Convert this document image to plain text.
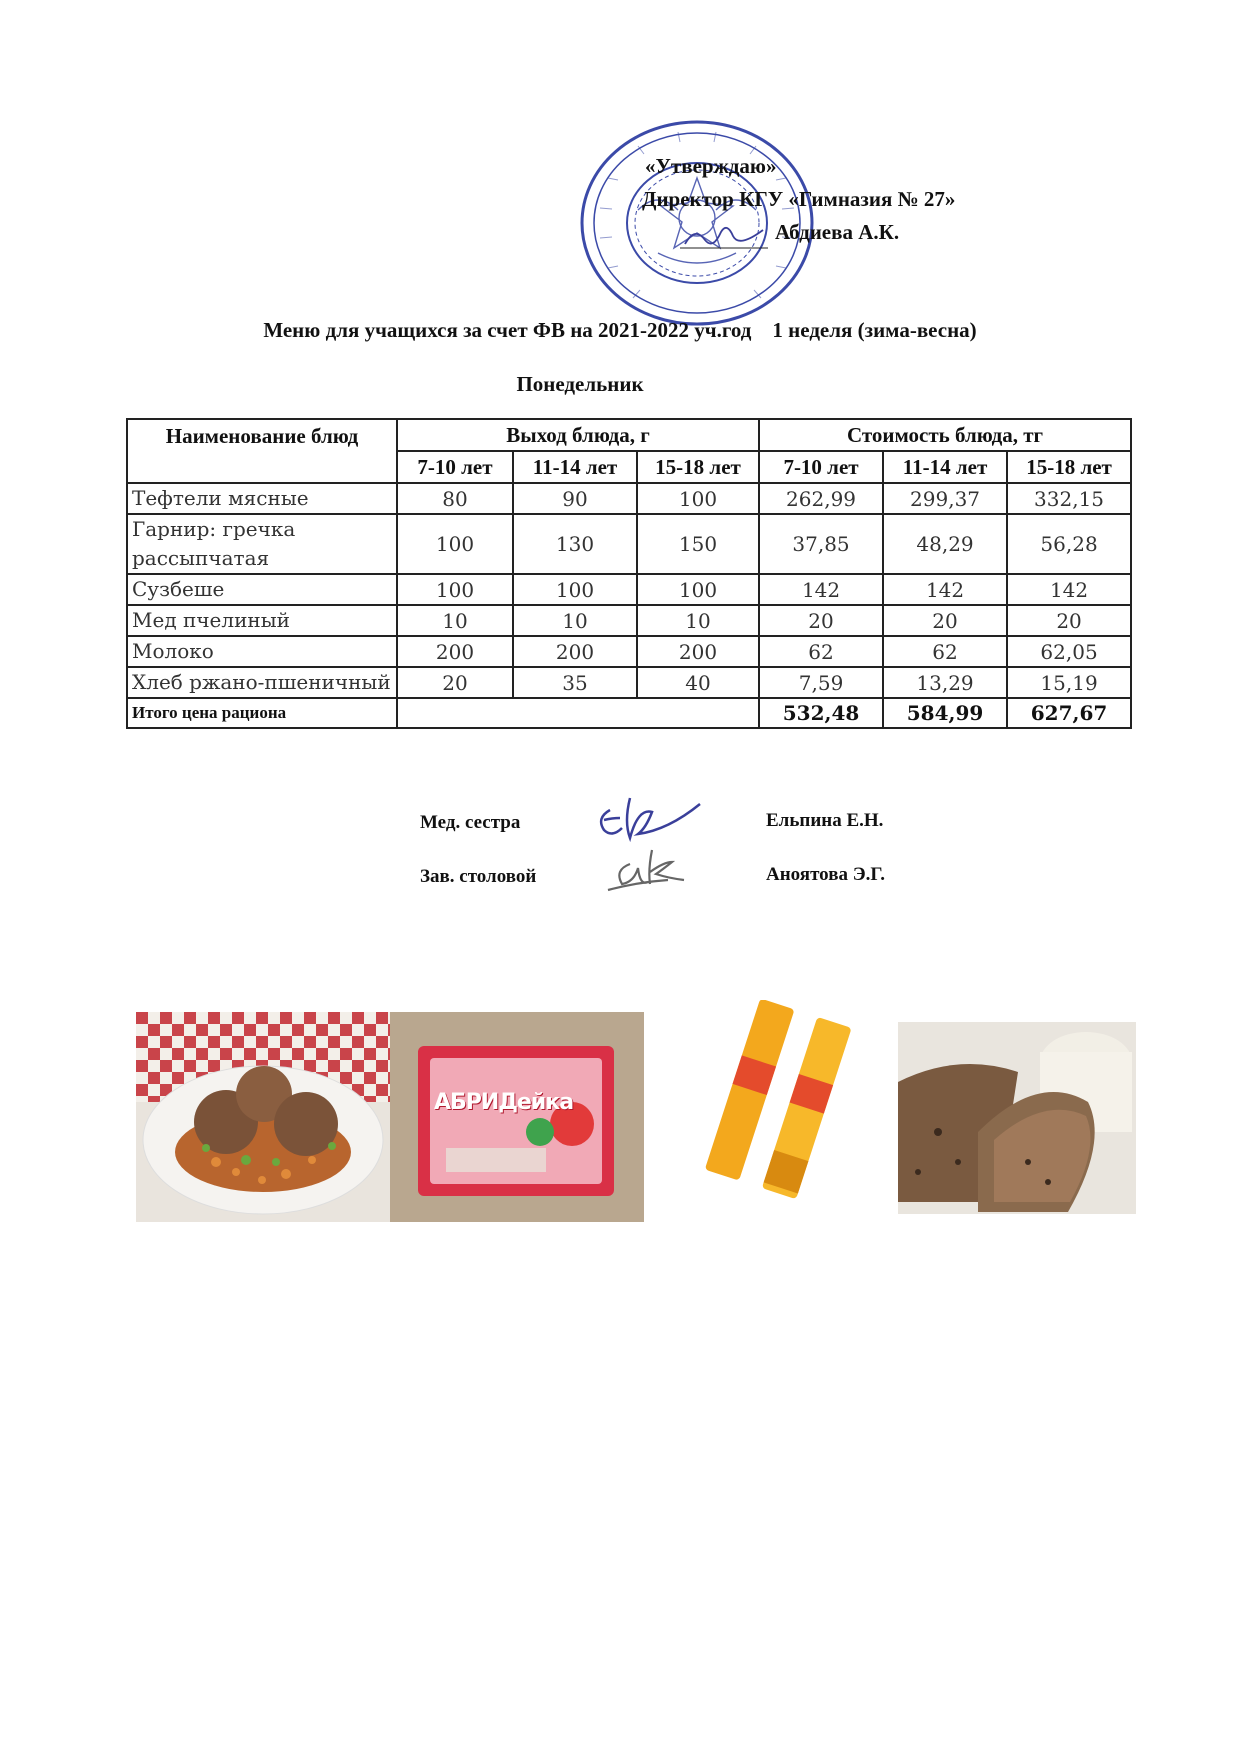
«Утверждаю»
Директор КГУ «Гимназия № 27»
Абдиева А.К.
Меню для учащихся за счет ФВ на 2021-2022 уч.год    1 неделя (зима-весна)
Понедельник
Наименование блюд	Выход блюда, г			Стоимость блюда, тг		
	7-10 лет	11-14 лет	15-18 лет	7-10 лет	11-14 лет	15-18 лет
Тефтели мясные	80	90	100	262,99	299,37	332,15
Гарнир: гречка рассыпчатая	100	130	150	37,85	48,29	56,28
Сузбеше	100	100	100	142	142	142
Мед пчелиный	10	10	10	20	20	20
Молоко	200	200	200	62	62	62,05
Хлеб ржано-пшеничный	20	35	40	7,59	13,29	15,19
Итого цена рациона				532,48	584,99	627,67
Мед. сестра	Ельпина Е.Н.
Зав. столовой	Аноятова Э.Г.
АБРИДейка
